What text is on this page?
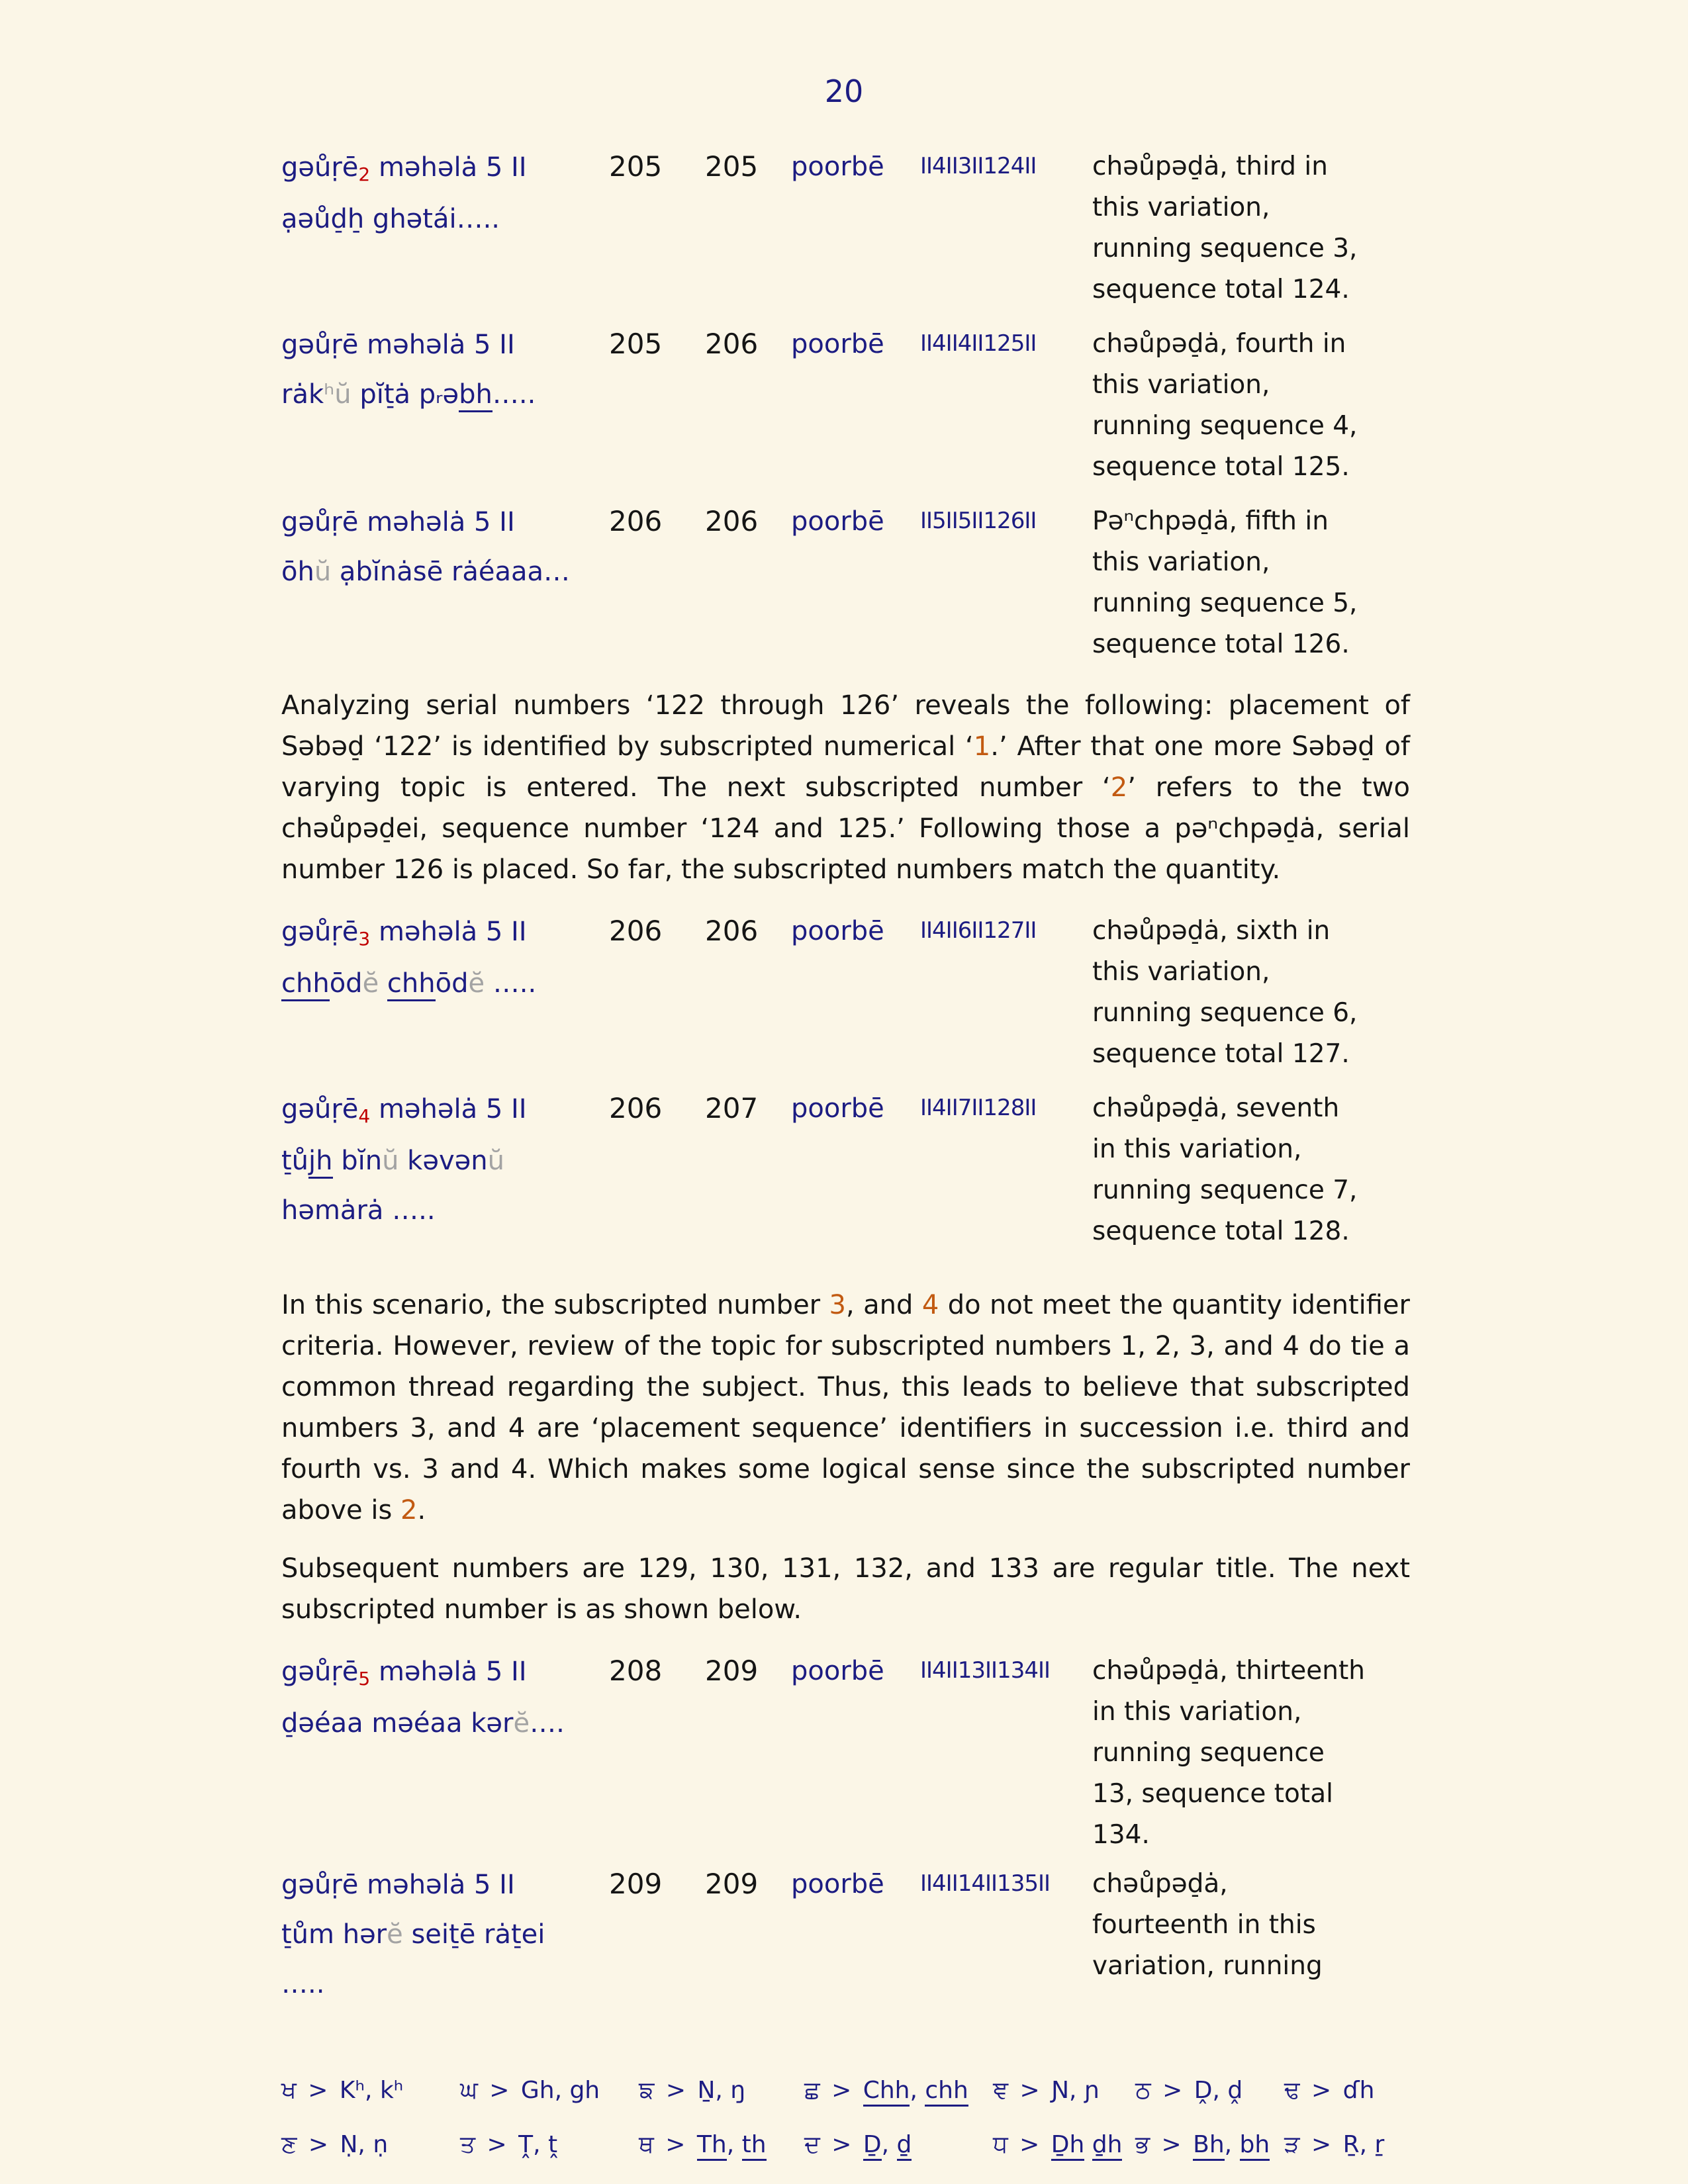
20
gəůṛē2 məhəlȧ 5 II
ạəůd̠h̠ ghətái…..
205	205	poorbē	II4II3II124II	chəůpəd̠ȧ, third in this variation, running sequence 3, sequence total 124.
gəůṛē məhəlȧ 5 II
rȧkʰŭ pĭt̠ȧ pᵣəbh…..
205	206	poorbē	II4II4II125II	chəůpəd̠ȧ, fourth in this variation, running sequence 4, sequence total 125.
gəůṛē məhəlȧ 5 II
ōhŭ ạbĭnȧsē rȧéaaa…
206	206	poorbē	II5II5II126II	Pəⁿchpəd̠ȧ, fifth in this variation, running sequence 5, sequence total 126.
Analyzing serial numbers ‘122 through 126’ reveals the following: placement of Səbəd̠ ‘122’ is identified by subscripted numerical ‘1.’ After that one more Səbəd̠ of varying topic is entered. The next subscripted number ‘2’ refers to the two chəůpəd̠ei, sequence number ‘124 and 125.’ Following those a pəⁿchpəd̠ȧ, serial number 126 is placed. So far, the subscripted numbers match the quantity.
gəůṛē3 məhəlȧ 5 II
chhōdĕ chhōdĕ …..
206	206	poorbē	II4II6II127II	chəůpəd̠ȧ, sixth in this variation, running sequence 6, sequence total 127.
gəůṛē4 məhəlȧ 5 II
t̠ůjh bĭnŭ kəvənŭ
həmȧrȧ …..
206	207	poorbē	II4II7II128II	chəůpəd̠ȧ, seventh in this variation, running sequence 7, sequence total 128.
In this scenario, the subscripted number 3, and 4 do not meet the quantity identifier criteria. However, review of the topic for subscripted numbers 1, 2, 3, and 4 do tie a common thread regarding the subject. Thus, this leads to believe that subscripted numbers 3, and 4 are ‘placement sequence’ identifiers in succession i.e. third and fourth vs. 3 and 4. Which makes some logical sense since the subscripted number above is 2.
Subsequent numbers are 129, 130, 131, 132, and 133 are regular title. The next subscripted number is as shown below.
gəůṛē5 məhəlȧ 5 II
d̠əéaa məéaa kərĕ….
208	209	poorbē	II4II13II134II	chəůpəd̠ȧ, thirteenth in this variation, running sequence 13, sequence total 134.
gəůṛē məhəlȧ 5 II
t̠ům hərĕ seit̠ē rȧt̠ei
…..
209	209	poorbē	II4II14II135II	chəůpəd̠ȧ, fourteenth in this variation, running
ਖ > Kʰ, kʰ	ਘ > Gh, gh	ਙ > Ṉ, ŋ	ਛ > Chh, chh	ਞ > Ɲ, ɲ	ਠ > Ḓ, ḓ	ਢ > ɗh
ਣ > Ṇ, ṇ	ਤ > Ṱ, ṱ	ਥ > Th, th	ਦ > Ḏ, ḏ	ਧ > Ḏh ḏh ਭ > Bh, bh ੜ > Ṟ, ṟ
